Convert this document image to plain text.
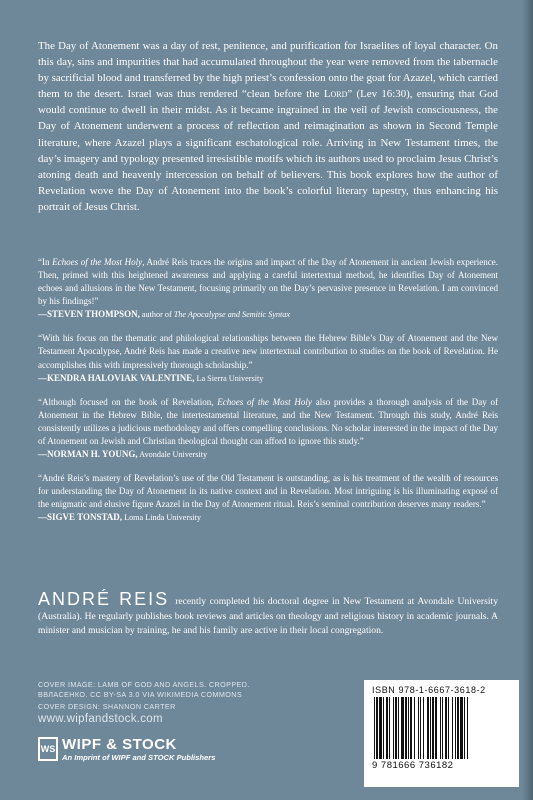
The Day of Atonement was a day of rest, penitence, and purification for Israelites of loyal character. On this day, sins and impurities that had accumulated throughout the year were removed from the tabernacle by sacrificial blood and transferred by the high priest’s confession onto the goat for Azazel, which carried them to the desert. Israel was thus rendered “clean before the Lord” (Lev 16:30), ensuring that God would continue to dwell in their midst. As it became ingrained in the veil of Jewish consciousness, the Day of Atonement underwent a process of reflection and reimagination as shown in Second Temple literature, where Azazel plays a significant eschatological role. Arriving in New Testament times, the day’s imagery and typology presented irresistible motifs which its authors used to proclaim Jesus Christ’s atoning death and heavenly intercession on behalf of believers. This book explores how the author of Revelation wove the Day of Atonement into the book’s colorful literary tapestry, thus enhancing his portrait of Jesus Christ.

“In Echoes of the Most Holy, André Reis traces the origins and impact of the Day of Atonement in ancient Jewish experience. Then, primed with this heightened awareness and applying a careful intertextual method, he identifies Day of Atonement echoes and allusions in the New Testament, focusing primarily on the Day’s pervasive presence in Revelation. I am convinced by his findings!”
—STEVEN THOMPSON, author of The Apocalypse and Semitic Syntax
“With his focus on the thematic and philological relationships between the Hebrew Bible’s Day of Atonement and the New Testament Apocalypse, André Reis has made a creative new intertextual contribution to studies on the book of Revelation. He accomplishes this with impressively thorough scholarship.”
—KENDRA HALOVIAK VALENTINE, La Sierra University
“Although focused on the book of Revelation, Echoes of the Most Holy also provides a thorough analysis of the Day of Atonement in the Hebrew Bible, the intertestamental literature, and the New Testament. Through this study, André Reis consistently utilizes a judicious methodology and offers compelling conclusions. No scholar interested in the impact of the Day of Atonement on Jewish and Christian theological thought can afford to ignore this study.”
—NORMAN H. YOUNG, Avondale University
“André Reis’s mastery of Revelation’s use of the Old Testament is outstanding, as is his treatment of the wealth of resources for understanding the Day of Atonement in its native context and in Revelation. Most intriguing is his illuminating exposé of the enigmatic and elusive figure Azazel in the Day of Atonement ritual. Reis’s seminal contribution deserves many readers.”
—SIGVE TONSTAD, Loma Linda University

ANDRÉ REIS recently completed his doctoral degree in New Testament at Avondale University (Australia). He regularly publishes book reviews and articles on theology and religious history in academic journals. A minister and musician by training, he and his family are active in their local congregation.

COVER IMAGE: LAMB OF GOD AND ANGELS. CROPPED. ВВЛАСЕНКО. CC BY-SA 3.0 VIA WIKIMEDIA COMMONS
COVER DESIGN: SHANNON CARTER
www.wipfandstock.com
WS WIPF & STOCK
An Imprint of WIPF and STOCK Publishers
ISBN 978-1-6667-3618-2
9 781666 736182
